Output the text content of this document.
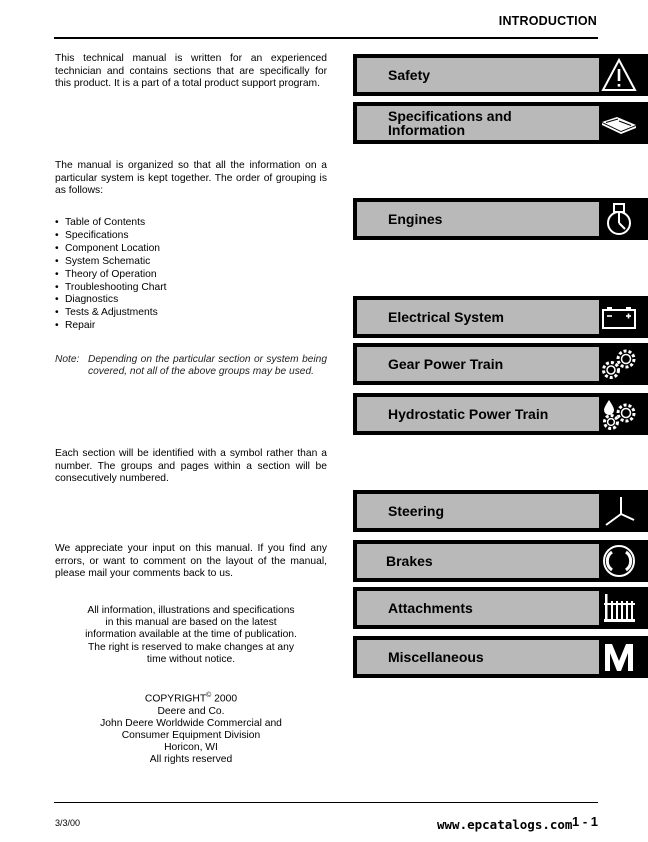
INTRODUCTION
This technical manual is written for an experienced technician and contains sections that are specifically for this product. It is a part of a total product support program.
The manual is organized so that all the information on a particular system is kept together. The order of grouping is as follows:
• Table of Contents
• Specifications
• Component Location
• System Schematic
• Theory of Operation
• Troubleshooting Chart
• Diagnostics
• Tests & Adjustments
• Repair
Note: Depending on the particular section or system being covered, not all of the above groups may be used.
Each section will be identified with a symbol rather than a number. The groups and pages within a section will be consecutively numbered.
We appreciate your input on this manual. If you find any errors, or want to comment on the layout of the manual, please mail your comments back to us.
All information, illustrations and specifications in this manual are based on the latest information available at the time of publication. The right is reserved to make changes at any time without notice.
COPYRIGHT© 2000
Deere and Co.
John Deere Worldwide Commercial and
Consumer Equipment Division
Horicon, WI
All rights reserved
Safety
Specifications and Information
Engines
Electrical System
Gear Power Train
Hydrostatic Power Train
Steering
Brakes
Attachments
Miscellaneous
3/3/00	1 - 1
www.epcatalogs.com
